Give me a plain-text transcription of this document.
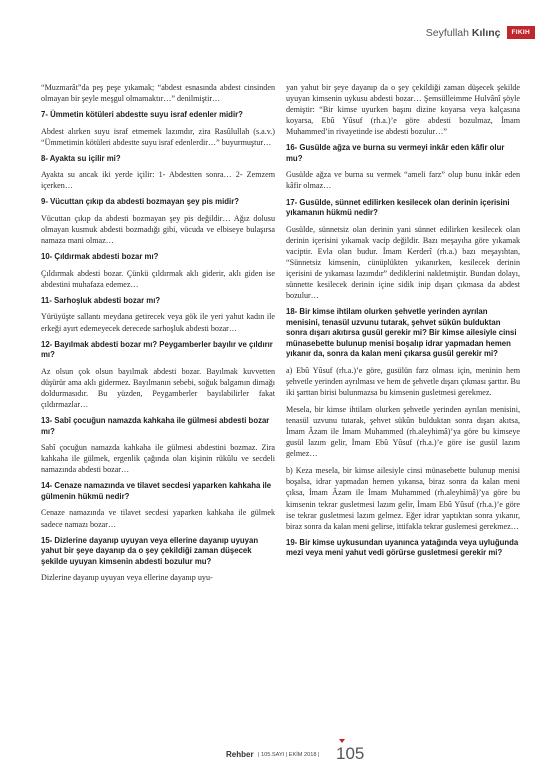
Seyfullah Kılınç	FIKIH

“Muzmarât”da peş peşe yıkamak; “abdest esnasında abdest cinsinden olmayan bir şeyle meşgul olmamaktır…” denilmiştir…

7- Ümmetin kötüleri abdestte suyu israf edenler midir?

Abdest alırken suyu israf etmemek lazımdır, zira Rasûlullah (s.a.v.) “Ümmetimin kötüleri abdestte suyu israf edenlerdir…” buyurmuştur…

8- Ayakta su içilir mi?

Ayakta su ancak iki yerde içilir: 1- Abdestten sonra… 2- Zemzem içerken…

9- Vücuttan çıkıp da abdesti bozmayan şey pis midir?

Vücuttan çıkıp da abdesti bozmayan şey pis değildir… Ağız dolusu olmayan kusmuk abdesti bozmadığı gibi, vücuda ve elbiseye bulaşırsa namaza mani olmaz…

10- Çıldırmak abdesti bozar mı?

Çıldırmak abdesti bozar. Çünkü çıldırmak aklı giderir, aklı giden ise abdestini muhafaza edemez…

11- Sarhoşluk abdesti bozar mı?

Yürüyüşte sallantı meydana getirecek veya gök ile yeri yahut kadın ile erkeği ayırt edemeyecek derecede sarhoşluk abdesti bozar…

12- Bayılmak abdesti bozar mı? Peygamberler bayılır ve çıldırır mı?

Az olsun çok olsun bayılmak abdesti bozar. Bayılmak kuvvetten düşürür ama aklı gidermez. Bayılmanın sebebi, soğuk balgamın dimağı doldurmasıdır. Bu yüzden, Peygamberler bayılabilirler fakat çıldırmazlar…

13- Sabî çocuğun namazda kahkaha ile gülmesi abdesti bozar mı?

Sabî çocuğun namazda kahkaha ile gülmesi abdestini bozmaz. Zira kahkaha ile gülmek, ergenlik çağında olan kişinin rükûlu ve secdeli namazında abdesti bozar…

14- Cenaze namazında ve tilavet secdesi yaparken kahkaha ile gülmenin hükmü nedir?

Cenaze namazında ve tilavet secdesi yaparken kahkaha ile gülmek sadece namazı bozar…

15- Dizlerine dayanıp uyuyan veya ellerine dayanıp uyuyan yahut bir şeye dayanıp da o şey çekildiği zaman düşecek şekilde uyuyan kimsenin abdesti bozulur mu?

Dizlerine dayanıp uyuyan veya ellerine dayanıp uyu-

yan yahut bir şeye dayanıp da o şey çekildiği zaman düşecek şekilde uyuyan kimsenin uykusu abdesti bozar… Şemsülleimme Hulvânî şöyle demiştir: “Bir kimse uyurken başını dizine koyarsa veya kalçasına koyarsa, Ebû Yûsuf (rh.a.)’e göre abdesti bozulmaz, İmam Muhammed’in rivayetinde ise abdesti bozulur…”

16- Gusülde ağza ve burna su vermeyi inkâr eden kâfir olur mu?

Gusülde ağza ve burna su vermek “ameli farz” olup bunu inkâr eden kâfir olmaz…

17- Gusülde, sünnet edilirken kesilecek olan derinin içerisini yıkamanın hükmü nedir?

Gusülde, sünnetsiz olan derinin yani sünnet edilirken kesilecek olan derinin içerisini yıkamak vacip değildir. Bazı meşayıha göre yıkamak vaciptir. Evla olan budur. İmam Kerderî (rh.a.) bazı meşayıhtan, “Sünnetsiz kimsenin, cünüplükten yıkanırken, kesilecek derinin içerisini de yıkaması lazımdır” dediklerini nakletmiştir. Bundan dolayı, sünnette kesilecek derinin içine sidik inip dışarı çıkmasa da abdest bozulur…

18- Bir kimse ihtilam olurken şehvetle yerinden ayrılan menisini, tenasül uzvunu tutarak, şehvet sükûn bulduktan sonra dışarı akıtırsa gusül gerekir mi? Bir kimse ailesiyle cinsi münasebette bulunup menisi boşalıp idrar yapmadan hemen yıkanır da, sonra da kalan meni çıkarsa gusül gerekir mi?

a) Ebû Yûsuf (rh.a.)’e göre, gusülün farz olması için, meninin hem şehvetle yerinden ayrılması ve hem de şehvetle dışarı çıkması şarttır. Bu iki şarttan birisi bulunmazsa bu kimsenin gusletmesi gerekmez.

Mesela, bir kimse ihtilam olurken şehvetle yerinden ayrılan menisini, tenasül uzvunu tutarak, şehvet sükûn bulduktan sonra dışarı akıtsa, İmam Âzam ile İmam Muhammed (rh.aleyhimâ)’ya göre bu kimseye gusül lazım gelir, İmam Ebû Yûsuf (rh.a.)’e göre ise gusül lazım gelmez…

b) Keza mesela, bir kimse ailesiyle cinsi münasebette bulunup menisi boşalsa, idrar yapmadan hemen yıkansa, biraz sonra da kalan meni çıksa, İmam Âzam ile İmam Muhammed (rh.aleyhimâ)’ya göre bu kimsenin tekrar gusletmesi lazım gelir, İmam Ebû Yûsuf (rh.a.)’e göre ise tekrar gusletmesi lazım gelmez. Eğer idrar yaptıktan sonra yıkanır, biraz sonra da kalan meni gelirse, ittifakla tekrar guslemesi gerekmez…

19- Bir kimse uykusundan uyanınca yatağında veya uyluğunda mezi veya meni yahut vedi görürse gusletmesi gerekir mi?
Rehber | 105.SAYI | EKİM 2018 | 105
